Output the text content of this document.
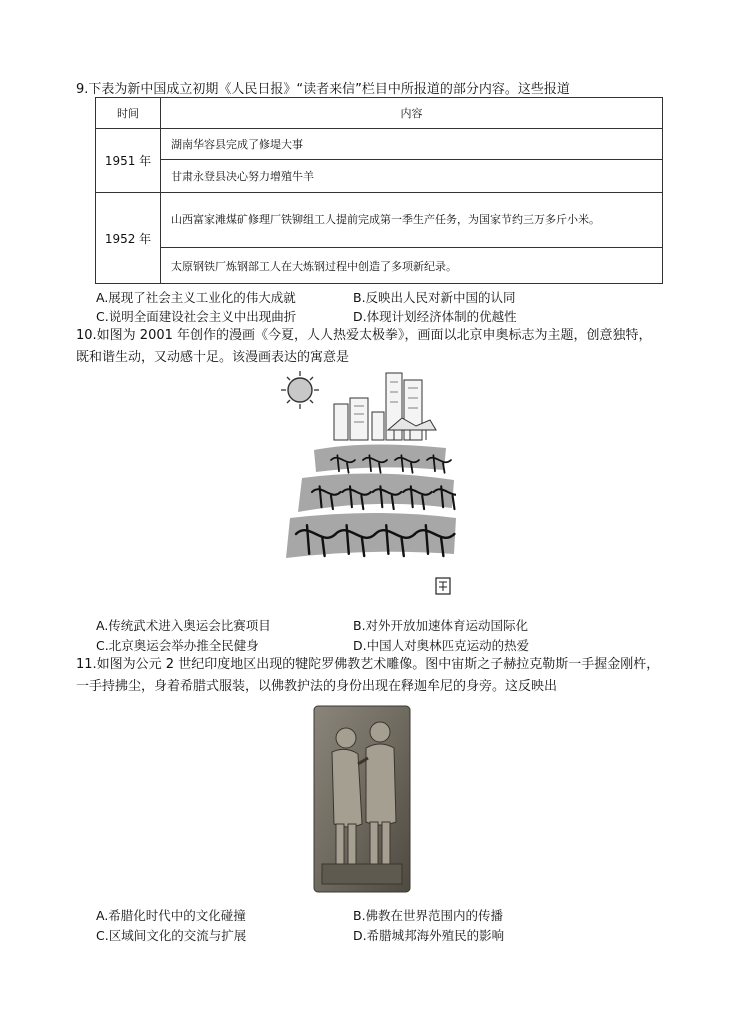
9.下表为新中国成立初期《人民日报》“读者来信”栏目中所报道的部分内容。这些报道
时间	内容
1951 年	湖南华容县完成了修堤大事
	甘肃永登县决心努力增殖牛羊
1952 年	山西富家滩煤矿修理厂铁铆组工人提前完成第一季生产任务，为国家节约三万多斤小米。
	太原钢铁厂炼钢部工人在大炼钢过程中创造了多项新纪录。
A.展现了社会主义工业化的伟大成就	B.反映出人民对新中国的认同
C.说明全面建设社会主义中出现曲折	D.体现计划经济体制的优越性
10.如图为 2001 年创作的漫画《今夏，人人热爱太极拳》，画面以北京申奥标志为主题，创意独特，既和谐生动，又动感十足。该漫画表达的寓意是
A.传统武术进入奥运会比赛项目	B.对外开放加速体育运动国际化
C.北京奥运会举办推全民健身	D.中国人对奥林匹克运动的热爱
11.如图为公元 2 世纪印度地区出现的犍陀罗佛教艺术雕像。图中宙斯之子赫拉克勒斯一手握金刚杵，一手持拂尘，身着希腊式服装，以佛教护法的身份出现在释迦牟尼的身旁。这反映出
A.希腊化时代中的文化碰撞	B.佛教在世界范围内的传播
C.区域间文化的交流与扩展	D.希腊城邦海外殖民的影响
